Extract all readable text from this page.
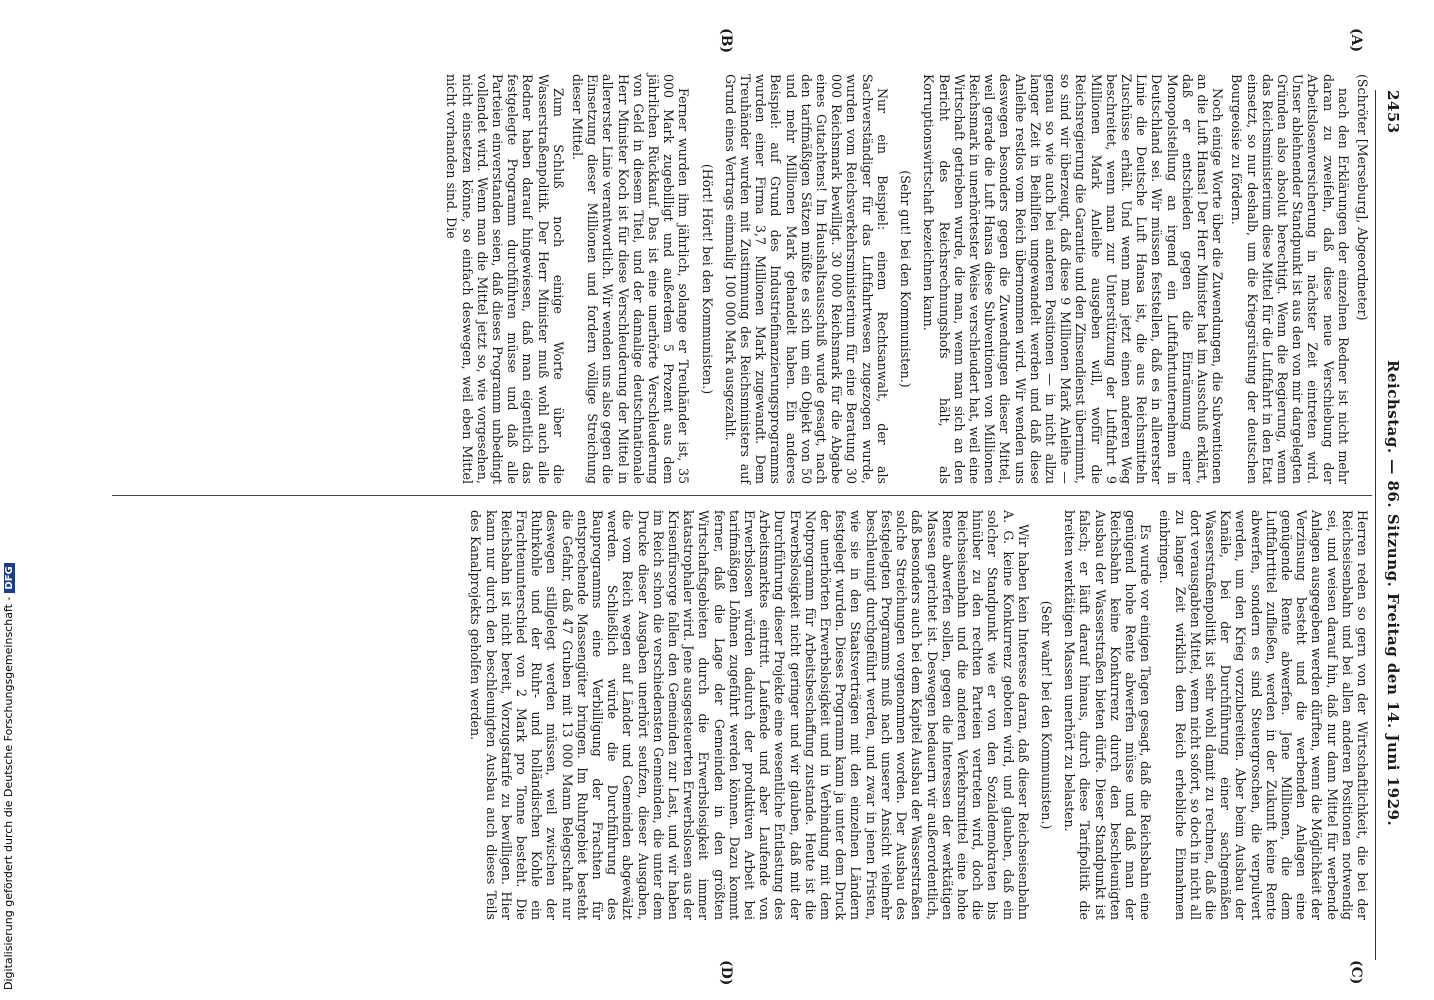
Reichstag. — 86. Sitzung. Freitag den 14. Juni 1929.
2453
(A)
(B)
(C)
(D)

(Schröter [Merseburg], Abgeordneter)

nach den Erklärungen der einzelnen Redner ist nicht mehr daran zu zweifeln, daß diese neue Verschiebung der Arbeitslosenversicherung in nächster Zeit eintreten wird. Unser ablehnender Standpunkt ist aus den von mir dargelegten Gründen also absolut berechtigt. Wenn die Regierung, wenn das Reichsministerium diese Mittel für die Luftfahrt in den Etat einsetzt, so nur deshalb, um die Kriegsrüstung der deutschen Bourgeoisie zu fördern.

Noch einige Worte über die Zuwendungen, die Subventionen an die Luft Hansa! Der Herr Minister hat im Ausschuß erklärt, daß er entschieden gegen die Einräumung einer Monopolstellung an irgend ein Luftfahrtunternehmen in Deutschland sei. Wir müssen feststellen, daß es in allererster Linie die Deutsche Luft Hansa ist, die aus Reichsmitteln Zuschüsse erhält. Und wenn man jetzt einen anderen Weg beschreitet, wenn man zur Unterstützung der Luftfahrt 9 Millionen Mark Anleihe ausgeben will, wofür die Reichsregierung die Garantie und den Zinsendienst übernimmt, so sind wir überzeugt, daß diese 9 Millionen Mark Anleihe — genau so wie auch bei anderen Positionen — in nicht allzu langer Zeit in Beihilfen umgewandelt werden und daß diese Anleihe restlos vom Reich übernommen wird. Wir wenden uns deswegen besonders gegen die Zuwendungen dieser Mittel, weil gerade die Luft Hansa diese Subventionen von Millionen Reichsmark in unerhörtester Weise verschleudert hat, weil eine Wirtschaft getrieben wurde, die man, wenn man sich an den Bericht des Reichsrechnungshofs hält, als Korruptionswirtschaft bezeichnen kann.

(Sehr gut! bei den Kommunisten.)

Nur ein Beispiel: einem Rechtsanwalt, der als Sachverständiger für das Luftfahrtwesen zugezogen wurde, wurden vom Reichsverkehrsministerium für eine Beratung 30 000 Reichsmark bewilligt. 30 000 Reichsmark für die Abgabe eines Gutachtens! Im Haushaltsausschuß wurde gesagt, nach den tarifmäßigen Sätzen müßte es sich um ein Objekt von 50 und mehr Millionen Mark gehandelt haben. Ein anderes Beispiel: auf Grund des Industriefinanzierungsprogramms wurden einer Firma 3,7 Millionen Mark zugewandt. Dem Treuhänder wurden mit Zustimmung des Reichsministers auf Grund eines Vertrags einmalig 100 000 Mark ausgezahlt.

(Hört! Hört! bei den Kommunisten.)

Ferner wurden ihm jährlich, solange er Treuhänder ist, 35 000 Mark zugebilligt und außerdem 5 Prozent aus dem jährlichen Rückkauf. Das ist eine unerhörte Verschleuderung von Geld in diesem Titel, und der damalige deutschnationale Herr Minister Koch ist für diese Verschleuderung der Mittel in allererster Linie verantwortlich. Wir wenden uns also gegen die Einsetzung dieser Millionen und fordern völlige Streichung dieser Mittel.

Zum Schluß noch einige Worte über die Wasserstraßenpolitik. Der Herr Minister muß wohl auch alle Redner haben darauf hingewiesen, daß man eigentlich das festgelegte Programm durchführen müsse und daß alle Parteien einverstanden seien, daß dieses Programm unbedingt vollendet wird. Wenn man die Mittel jetzt so, wie vorgesehen, nicht einsetzen könne, so einfach deswegen, weil eben Mittel nicht vorhanden sind. Die

Herren reden so gern von der Wirtschaftlichkeit, die bei der Reichseisenbahn und bei allen anderen Positionen notwendig sei, und weisen darauf hin, daß nur dann Mittel für werbende Anlagen ausgegeben werden dürften, wenn die Möglichkeit der Verzinsung besteht und die werbenden Anlagen eine genügende Rente abwerfen. Jene Millionen, die dem Luftfahrttitel zufließen, werden in der Zukunft keine Rente abwerfen, sondern es sind Steuergroschen, die verpulvert werden, um den Krieg vorzubereiten. Aber beim Ausbau der Kanäle, bei der Durchführung einer sachgemäßen Wasserstraßenpolitik ist sehr wohl damit zu rechnen, daß die dort verausgabten Mittel, wenn nicht sofort, so doch in nicht all zu langer Zeit wirklich dem Reich erhebliche Einnahmen einbringen.

Es wurde vor einigen Tagen gesagt, daß die Reichsbahn eine genügend hohe Rente abwerfen müsse und daß man der Reichsbahn keine Konkurrenz durch den beschleunigten Ausbau der Wasserstraßen bieten dürfe. Dieser Standpunkt ist falsch; er läuft darauf hinaus, durch diese Tarifpolitik die breiten werktätigen Massen unerhört zu belasten.

(Sehr wahr! bei den Kommunisten.)

Wir haben kein Interesse daran, daß dieser Reichseisenbahn A. G. keine Konkurrenz geboten wird, und glauben, daß ein solcher Standpunkt wie er von den Sozialdemokraten bis hinüber zu den rechten Parteien vertreten wird, doch die Reichseisenbahn und die anderen Verkehrsmittel eine hohe Rente abwerfen sollen, gegen die Interessen der werktätigen Massen gerichtet ist. Deswegen bedauern wir außerordentlich, daß besonders auch bei dem Kapitel Ausbau der Wasserstraßen solche Streichungen vorgenommen worden. Der Ausbau des festgelegten Programms muß nach unserer Ansicht vielmehr beschleunigt durchgeführt werden, und zwar in jenen Fristen, wie sie in den Staatsverträgen mit den einzelnen Ländern festgelegt wurden. Dieses Programm kann ja unter dem Druck der unerhörten Erwerbslosigkeit und in Verbindung mit dem Notprogramm für Arbeitsbeschaffung zustande. Heute ist die Erwerbslosigkeit nicht geringer und wir glauben, daß mit der Durchführung dieser Projekte eine wesentliche Entlastung des Arbeitsmarktes eintritt. Laufende und aber Laufende von Erwerbslosen würden dadurch der produktiven Arbeit bei tarifmäßigen Löhnen zugeführt werden können. Dazu kommt ferner, daß die Lage der Gemeinden in den größten Wirtschaftsgebieten durch die Erwerbslosigkeit immer katastrophaler wird. Jene ausgesteuerten Erwerbslosen aus der Krisenfürsorge fallen den Gemeinden zur Last, und wir haben im Reich schon die verschiedensten Gemeinden, die unter dem Drucke dieser Ausgaben unerhört seufzen, dieser Ausgaben, die vom Reich wegen auf Länder und Gemeinden abgewälzt werden. Schließlich würde die Durchführung des Bauprogramms eine Verbilligung der Frachten für entsprechende Massengüter bringen. Im Ruhrgebiet besteht die Gefahr, daß 47 Gruben mit 13 000 Mann Belegschaft nur deswegen stillgelegt werden müssen, weil zwischen der Ruhrkohle und der Ruhr- und holländischen Kohle ein Frachtenunterschied von 2 Mark pro Tonne besteht. Die Reichsbahn ist nicht bereit, Vorzugstarife zu bewilligen. Hier kann nur durch den beschleunigten Ausbau auch dieses Teils des Kanalprojekts geholfen werden.

Digitalisierung gefördert durch die Deutsche Forschungsgemeinschaft -DFG
